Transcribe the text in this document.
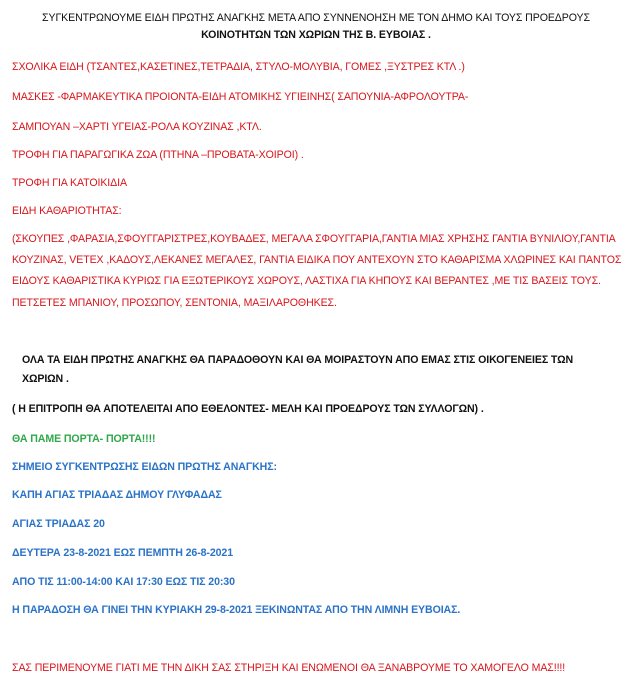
ΣΥΓΚΕΝΤΡΩΝΟΥΜΕ ΕΙΔΗ ΠΡΩΤΗΣ ΑΝΑΓΚΗΣ ΜΕΤΑ ΑΠΟ ΣΥΝΝΕΝΟΗΣΗ ΜΕ ΤΟΝ ΔΗΜΟ ΚΑΙ ΤΟΥΣ ΠΡΟΕΔΡΟΥΣ
ΚΟΙΝΟΤΗΤΩΝ ΤΩΝ ΧΩΡΙΩΝ ΤΗΣ Β. ΕΥΒΟΙΑΣ .
ΣΧΟΛΙΚΑ ΕΙΔΗ (ΤΣΑΝΤΕΣ,ΚΑΣΕΤΙΝΕΣ,ΤΕΤΡΑΔΙΑ, ΣΤΥΛΟ-ΜΟΛΥΒΙΑ, ΓΟΜΕΣ ,ΞΥΣΤΡΕΣ ΚΤΛ .)
ΜΑΣΚΕΣ -ΦΑΡΜΑΚΕΥΤΙΚΑ ΠΡΟΙΟΝΤΑ-ΕΙΔΗ ΑΤΟΜΙΚΗΣ ΥΓΙΕΙΝΗΣ( ΣΑΠΟΥΝΙΑ-ΑΦΡΟΛΟΥΤΡΑ-
ΣΑΜΠΟΥΑΝ –ΧΑΡΤΙ ΥΓΕΙΑΣ-ΡΟΛΑ ΚΟΥΖΙΝΑΣ ,ΚΤΛ.
ΤΡΟΦΗ ΓΙΑ ΠΑΡΑΓΩΓΙΚΑ ΖΩΑ (ΠΤΗΝΑ –ΠΡΟΒΑΤΑ-ΧΟΙΡΟΙ) .
ΤΡΟΦΗ ΓΙΑ ΚΑΤΟΙΚΙΔΙΑ
ΕΙΔΗ ΚΑΘΑΡΙΟΤΗΤΑΣ:
(ΣΚΟΥΠΕΣ ,ΦΑΡΑΣΙΑ,ΣΦΟΥΓΓΑΡΙΣΤΡΕΣ,ΚΟΥΒΑΔΕΣ, ΜΕΓΑΛΑ ΣΦΟΥΓΓΑΡΙΑ,ΓΑΝΤΙΑ ΜΙΑΣ ΧΡΗΣΗΣ ΓΑΝΤΙΑ ΒΥΝΙΛΙΟΥ,ΓΑΝΤΙΑ ΚΟΥΖΙΝΑΣ, VETEX ,ΚΑΔΟΥΣ,ΛΕΚΑΝΕΣ ΜΕΓΑΛΕΣ, ΓΑΝΤΙΑ ΕΙΔΙΚΑ ΠΟΥ ΑΝΤΕΧΟΥΝ ΣΤΟ ΚΑΘΑΡΙΣΜΑ ΧΛΩΡΙΝΕΣ ΚΑΙ ΠΑΝΤΟΣ ΕΙΔΟΥΣ ΚΑΘΑΡΙΣΤΙΚΑ ΚΥΡΙΩΣ ΓΙΑ ΕΞΩΤΕΡΙΚΟΥΣ ΧΩΡΟΥΣ, ΛΑΣΤΙΧΑ ΓΙΑ ΚΗΠΟΥΣ ΚΑΙ ΒΕΡΑΝΤΕΣ ,ΜΕ ΤΙΣ ΒΑΣΕΙΣ ΤΟΥΣ.
ΠΕΤΣΕΤΕΣ ΜΠΑΝΙΟΥ, ΠΡΟΣΩΠΟΥ, ΣΕΝΤΟΝΙΑ, ΜΑΞΙΛΑΡΟΘΗΚΕΣ.
ΟΛΑ ΤΑ ΕΙΔΗ ΠΡΩΤΗΣ ΑΝΑΓΚΗΣ ΘΑ ΠΑΡΑΔΟΘΟΥΝ ΚΑΙ ΘΑ ΜΟΙΡΑΣΤΟΥΝ ΑΠΟ ΕΜΑΣ ΣΤΙΣ ΟΙΚΟΓΕΝΕΙΕΣ ΤΩΝ
ΧΩΡΙΩΝ .
( Η ΕΠΙΤΡΟΠΗ ΘΑ ΑΠΟΤΕΛΕΙΤΑΙ ΑΠΟ ΕΘΕΛΟΝΤΕΣ- ΜΕΛΗ ΚΑΙ ΠΡΟΕΔΡΟΥΣ ΤΩΝ ΣΥΛΛΟΓΩΝ) .
ΘΑ ΠΑΜΕ ΠΟΡΤΑ- ΠΟΡΤΑ!!!!
ΣΗΜΕΙΟ ΣΥΓΚΕΝΤΡΩΣΗΣ ΕΙΔΩΝ ΠΡΩΤΗΣ ΑΝΑΓΚΗΣ:
ΚΑΠΗ ΑΓΙΑΣ ΤΡΙΑΔΑΣ ΔΗΜΟΥ ΓΛΥΦΑΔΑΣ
ΑΓΙΑΣ ΤΡΙΑΔΑΣ 20
ΔΕΥΤΕΡΑ 23-8-2021 ΕΩΣ ΠΕΜΠΤΗ 26-8-2021
ΑΠΟ ΤΙΣ 11:00-14:00 ΚΑΙ 17:30 ΕΩΣ ΤΙΣ 20:30
Η ΠΑΡΑΔΟΣΗ ΘΑ ΓΙΝΕΙ ΤΗΝ ΚΥΡΙΑΚΗ 29-8-2021 ΞΕΚΙΝΩΝΤΑΣ ΑΠΟ ΤΗΝ ΛΙΜΝΗ ΕΥΒΟΙΑΣ.
ΣΑΣ ΠΕΡΙΜΕΝΟΥΜΕ ΓΙΑΤΙ ΜΕ ΤΗΝ ΔΙΚΗ ΣΑΣ ΣΤΗΡΙΞΗ ΚΑΙ ΕΝΩΜΕΝΟΙ ΘΑ ΞΑΝΑΒΡΟΥΜΕ ΤΟ ΧΑΜΟΓΕΛΟ ΜΑΣ!!!!
